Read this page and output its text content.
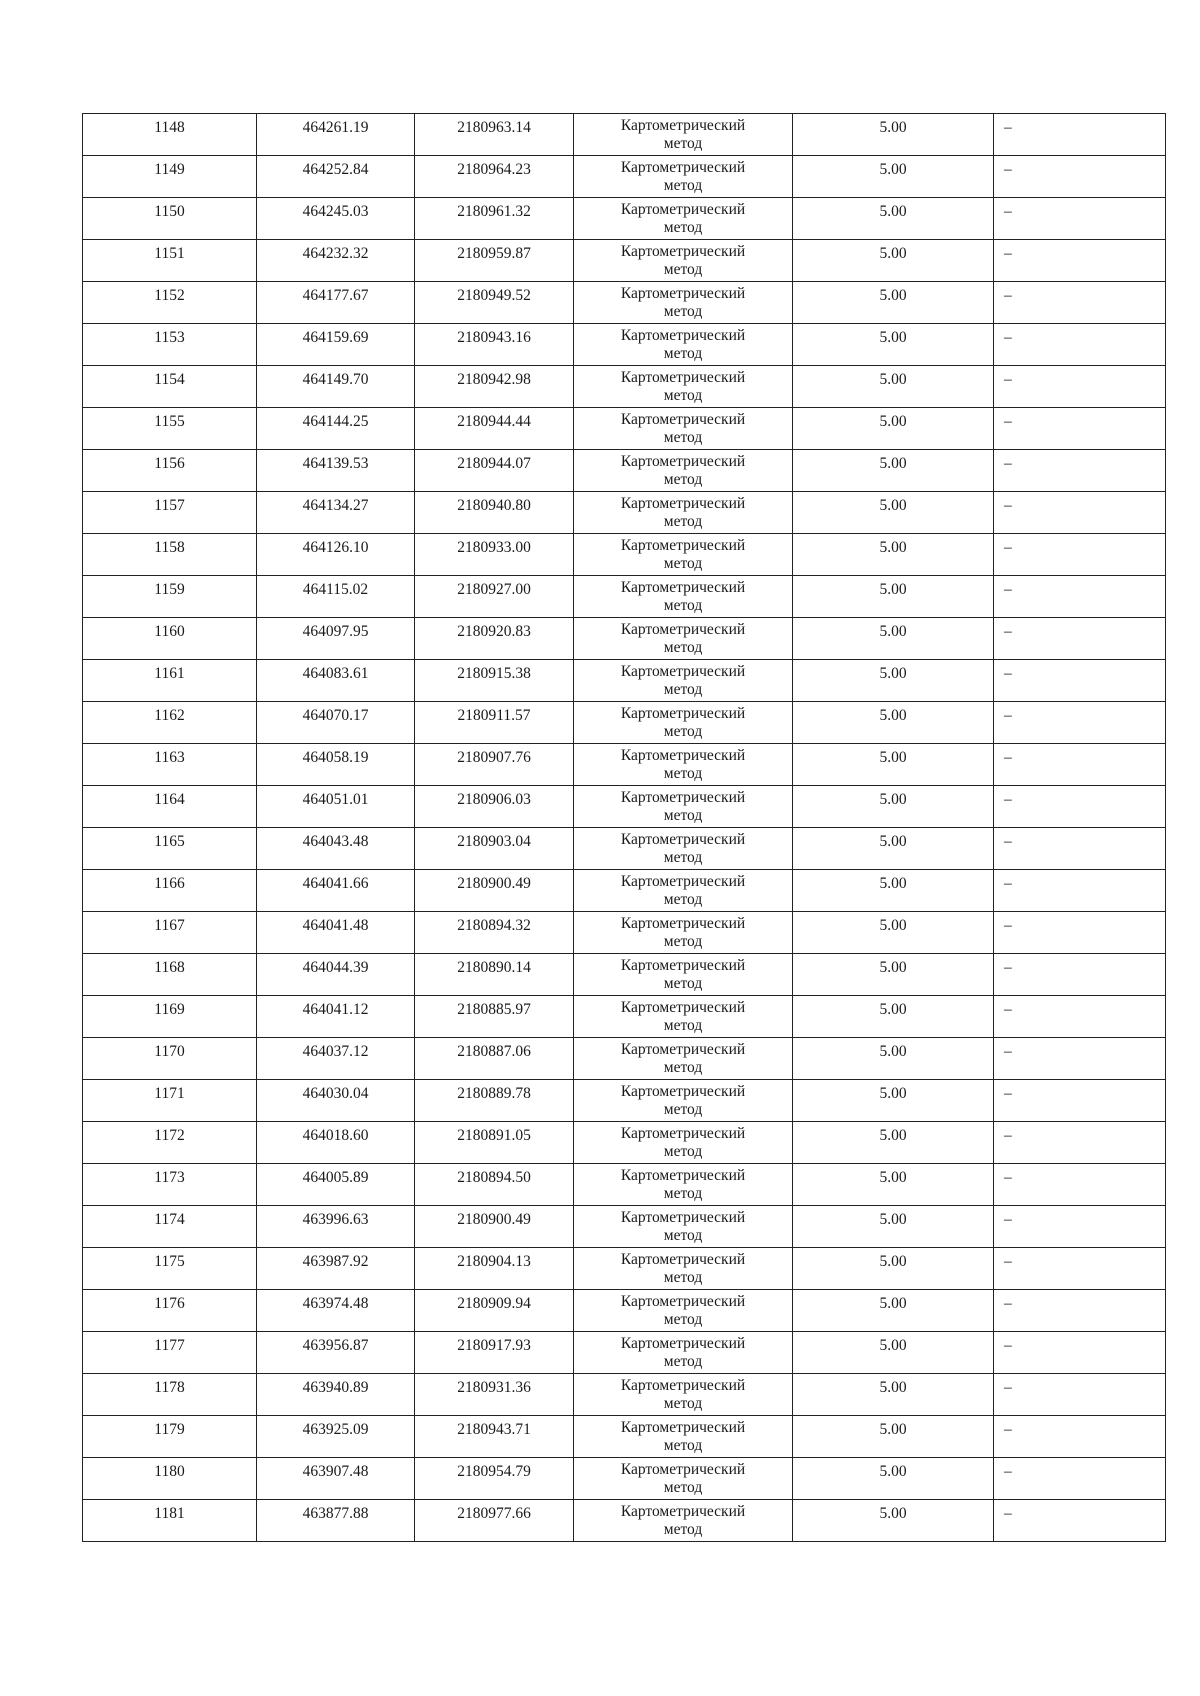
1148	464261.19	2180963.14	Картометрический метод	5.00	–
1149	464252.84	2180964.23	Картометрический метод	5.00	–
1150	464245.03	2180961.32	Картометрический метод	5.00	–
1151	464232.32	2180959.87	Картометрический метод	5.00	–
1152	464177.67	2180949.52	Картометрический метод	5.00	–
1153	464159.69	2180943.16	Картометрический метод	5.00	–
1154	464149.70	2180942.98	Картометрический метод	5.00	–
1155	464144.25	2180944.44	Картометрический метод	5.00	–
1156	464139.53	2180944.07	Картометрический метод	5.00	–
1157	464134.27	2180940.80	Картометрический метод	5.00	–
1158	464126.10	2180933.00	Картометрический метод	5.00	–
1159	464115.02	2180927.00	Картометрический метод	5.00	–
1160	464097.95	2180920.83	Картометрический метод	5.00	–
1161	464083.61	2180915.38	Картометрический метод	5.00	–
1162	464070.17	2180911.57	Картометрический метод	5.00	–
1163	464058.19	2180907.76	Картометрический метод	5.00	–
1164	464051.01	2180906.03	Картометрический метод	5.00	–
1165	464043.48	2180903.04	Картометрический метод	5.00	–
1166	464041.66	2180900.49	Картометрический метод	5.00	–
1167	464041.48	2180894.32	Картометрический метод	5.00	–
1168	464044.39	2180890.14	Картометрический метод	5.00	–
1169	464041.12	2180885.97	Картометрический метод	5.00	–
1170	464037.12	2180887.06	Картометрический метод	5.00	–
1171	464030.04	2180889.78	Картометрический метод	5.00	–
1172	464018.60	2180891.05	Картометрический метод	5.00	–
1173	464005.89	2180894.50	Картометрический метод	5.00	–
1174	463996.63	2180900.49	Картометрический метод	5.00	–
1175	463987.92	2180904.13	Картометрический метод	5.00	–
1176	463974.48	2180909.94	Картометрический метод	5.00	–
1177	463956.87	2180917.93	Картометрический метод	5.00	–
1178	463940.89	2180931.36	Картометрический метод	5.00	–
1179	463925.09	2180943.71	Картометрический метод	5.00	–
1180	463907.48	2180954.79	Картометрический метод	5.00	–
1181	463877.88	2180977.66	Картометрический метод	5.00	–
